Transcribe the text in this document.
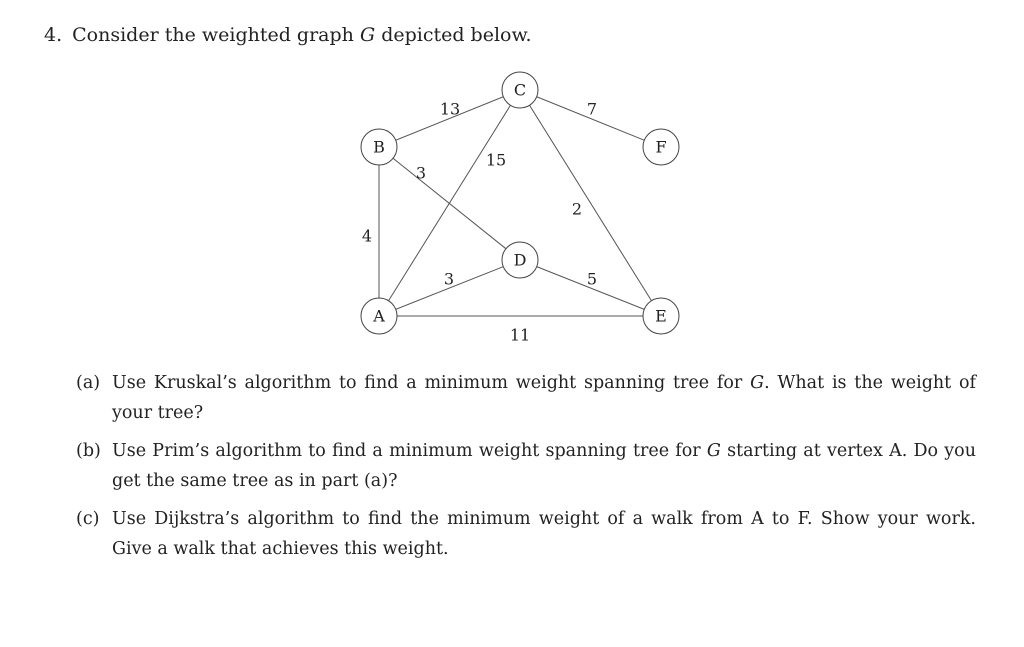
4. Consider the weighted graph G depicted below.
13	7
3
15
2
4
3	5
11
A
B
C
D
E
F
(a) Use Kruskal’s algorithm to find a minimum weight spanning tree for G. What is the weight of your tree?
(b) Use Prim’s algorithm to find a minimum weight spanning tree for G starting at vertex A. Do you get the same tree as in part (a)?
(c) Use Dijkstra’s algorithm to find the minimum weight of a walk from A to F. Show your work. Give a walk that achieves this weight.
